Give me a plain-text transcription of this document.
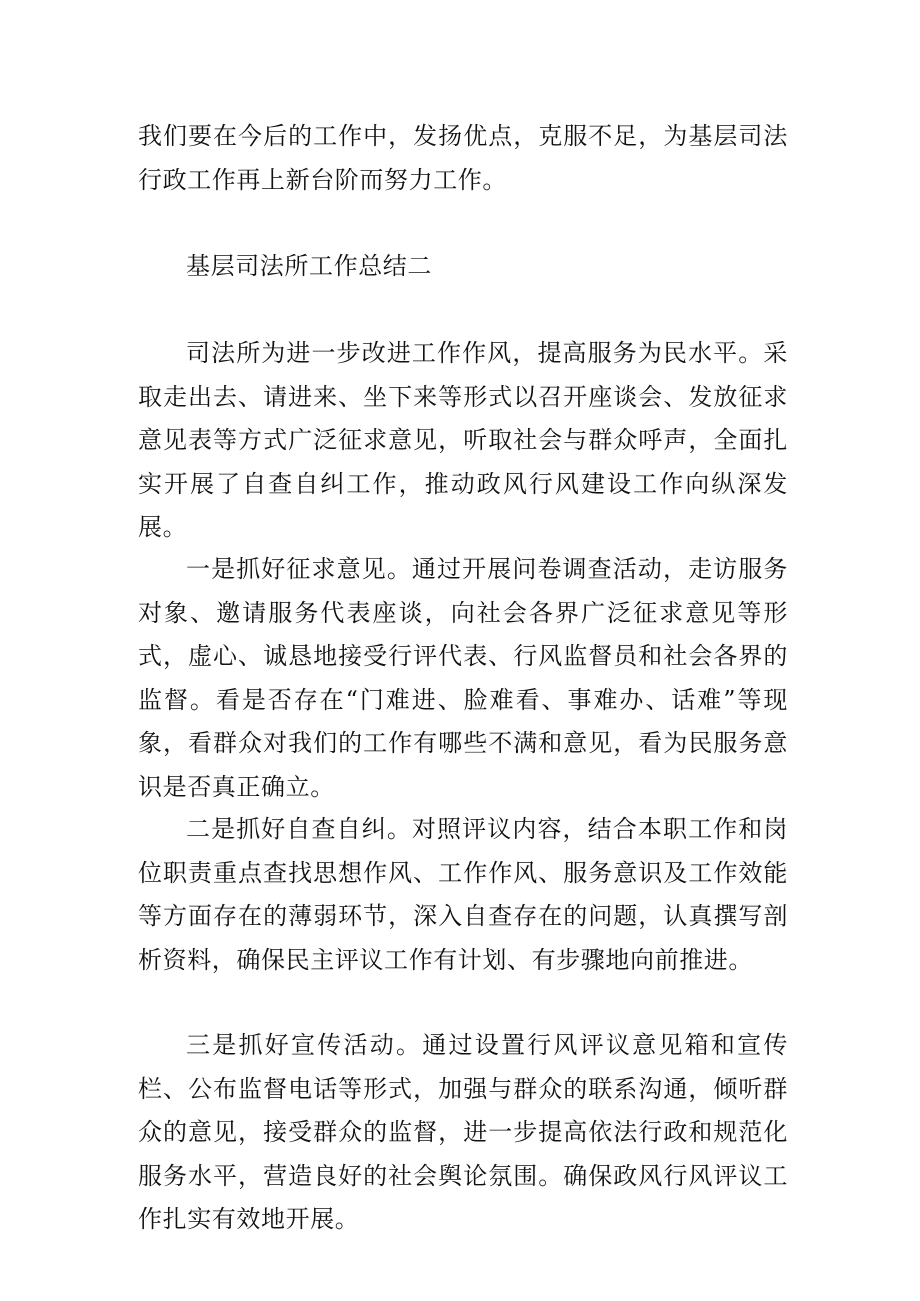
我们要在今后的工作中，发扬优点，克服不足，为基层司法行政工作再上新台阶而努力工作。

基层司法所工作总结二

司法所为进一步改进工作作风，提高服务为民水平。采取走出去、请进来、坐下来等形式以召开座谈会、发放征求意见表等方式广泛征求意见，听取社会与群众呼声，全面扎实开展了自查自纠工作，推动政风行风建设工作向纵深发展。

一是抓好征求意见。通过开展问卷调查活动，走访服务对象、邀请服务代表座谈，向社会各界广泛征求意见等形式，虚心、诚恳地接受行评代表、行风监督员和社会各界的监督。看是否存在“门难进、脸难看、事难办、话难”等现象，看群众对我们的工作有哪些不满和意见，看为民服务意识是否真正确立。

二是抓好自查自纠。对照评议内容，结合本职工作和岗位职责重点查找思想作风、工作作风、服务意识及工作效能等方面存在的薄弱环节，深入自查存在的问题，认真撰写剖析资料，确保民主评议工作有计划、有步骤地向前推进。

三是抓好宣传活动。通过设置行风评议意见箱和宣传栏、公布监督电话等形式，加强与群众的联系沟通，倾听群众的意见，接受群众的监督，进一步提高依法行政和规范化服务水平，营造良好的社会舆论氛围。确保政风行风评议工作扎实有效地开展。
